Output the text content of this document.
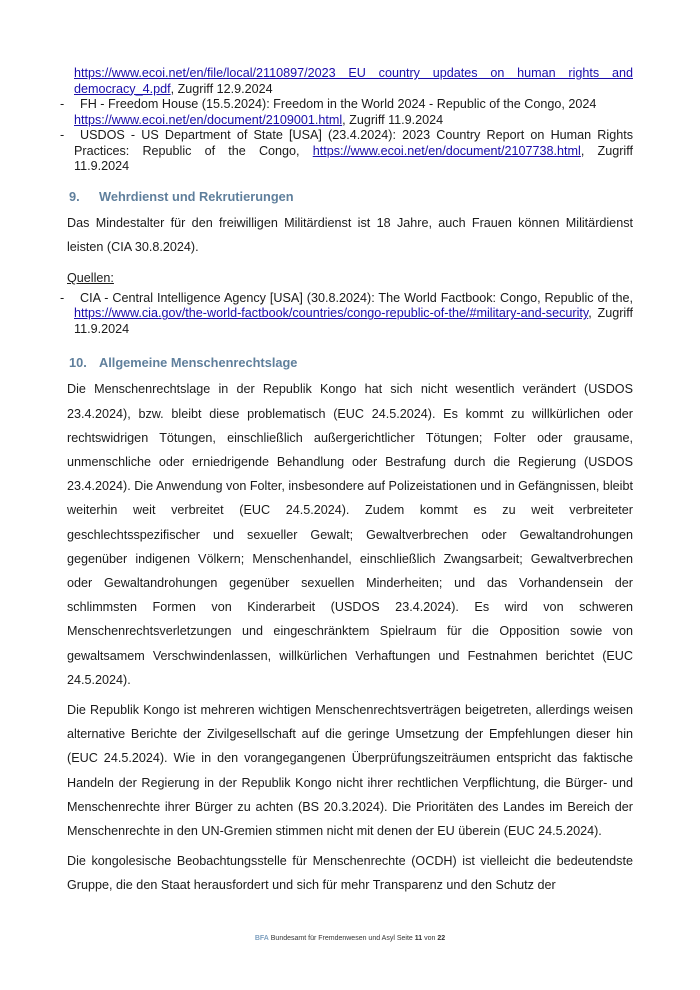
https://www.ecoi.net/en/file/local/2110897/2023 EU country updates on human rights and

democracy_4.pdf, Zugriff 12.9.2024

- FH - Freedom House (15.5.2024): Freedom in the World 2024 - Republic of the Congo, 2024
https://www.ecoi.net/en/document/2109001.html, Zugriff 11.9.2024
- USDOS - US Department of State [USA] (23.4.2024): 2023 Country Report on Human Rights Practices: Republic of the Congo, https://www.ecoi.net/en/document/2107738.html, Zugriff 11.9.2024
9.	Wehrdienst und Rekrutierungen

Das Mindestalter für den freiwilligen Militärdienst ist 18 Jahre, auch Frauen können Militärdienst leisten (CIA 30.8.2024).

Quellen:

- CIA - Central Intelligence Agency [USA] (30.8.2024): The World Factbook: Congo, Republic of the, https://www.cia.gov/the-world-factbook/countries/congo-republic-of-the/#military-and-security, Zugriff 11.9.2024
10. Allgemeine Menschenrechtslage

Die Menschenrechtslage in der Republik Kongo hat sich nicht wesentlich verändert (USDOS 23.4.2024), bzw. bleibt diese problematisch (EUC 24.5.2024). Es kommt zu willkürlichen oder rechtswidrigen Tötungen, einschließlich außergerichtlicher Tötungen; Folter oder grausame, unmenschliche oder erniedrigende Behandlung oder Bestrafung durch die Regierung (USDOS 23.4.2024). Die Anwendung von Folter, insbesondere auf Polizeistationen und in Gefängnissen, bleibt weiterhin weit verbreitet (EUC 24.5.2024). Zudem kommt es zu weit verbreiteter geschlechtsspezifischer und sexueller Gewalt; Gewaltverbrechen oder Gewaltandrohungen gegenüber indigenen Völkern; Menschenhandel, einschließlich Zwangsarbeit; Gewaltverbrechen oder Gewaltandrohungen gegenüber sexuellen Minderheiten; und das Vorhandensein der schlimmsten Formen von Kinderarbeit (USDOS 23.4.2024). Es wird von schweren Menschenrechtsverletzungen und eingeschränktem Spielraum für die Opposition sowie von gewaltsamem Verschwindenlassen, willkürlichen Verhaftungen und Festnahmen berichtet (EUC 24.5.2024).

Die Republik Kongo ist mehreren wichtigen Menschenrechtsverträgen beigetreten, allerdings weisen alternative Berichte der Zivilgesellschaft auf die geringe Umsetzung der Empfehlungen dieser hin (EUC 24.5.2024). Wie in den vorangegangenen Überprüfungszeiträumen entspricht das faktische Handeln der Regierung in der Republik Kongo nicht ihrer rechtlichen Verpflichtung, die Bürger- und Menschenrechte ihrer Bürger zu achten (BS 20.3.2024). Die Prioritäten des Landes im Bereich der Menschenrechte in den UN-Gremien stimmen nicht mit denen der EU überein (EUC 24.5.2024).

Die kongolesische Beobachtungsstelle für Menschenrechte (OCDH) ist vielleicht die bedeutendste Gruppe, die den Staat herausfordert und sich für mehr Transparenz und den Schutz der

BFA Bundesamt für Fremdenwesen und Asyl Seite 11 von 22
